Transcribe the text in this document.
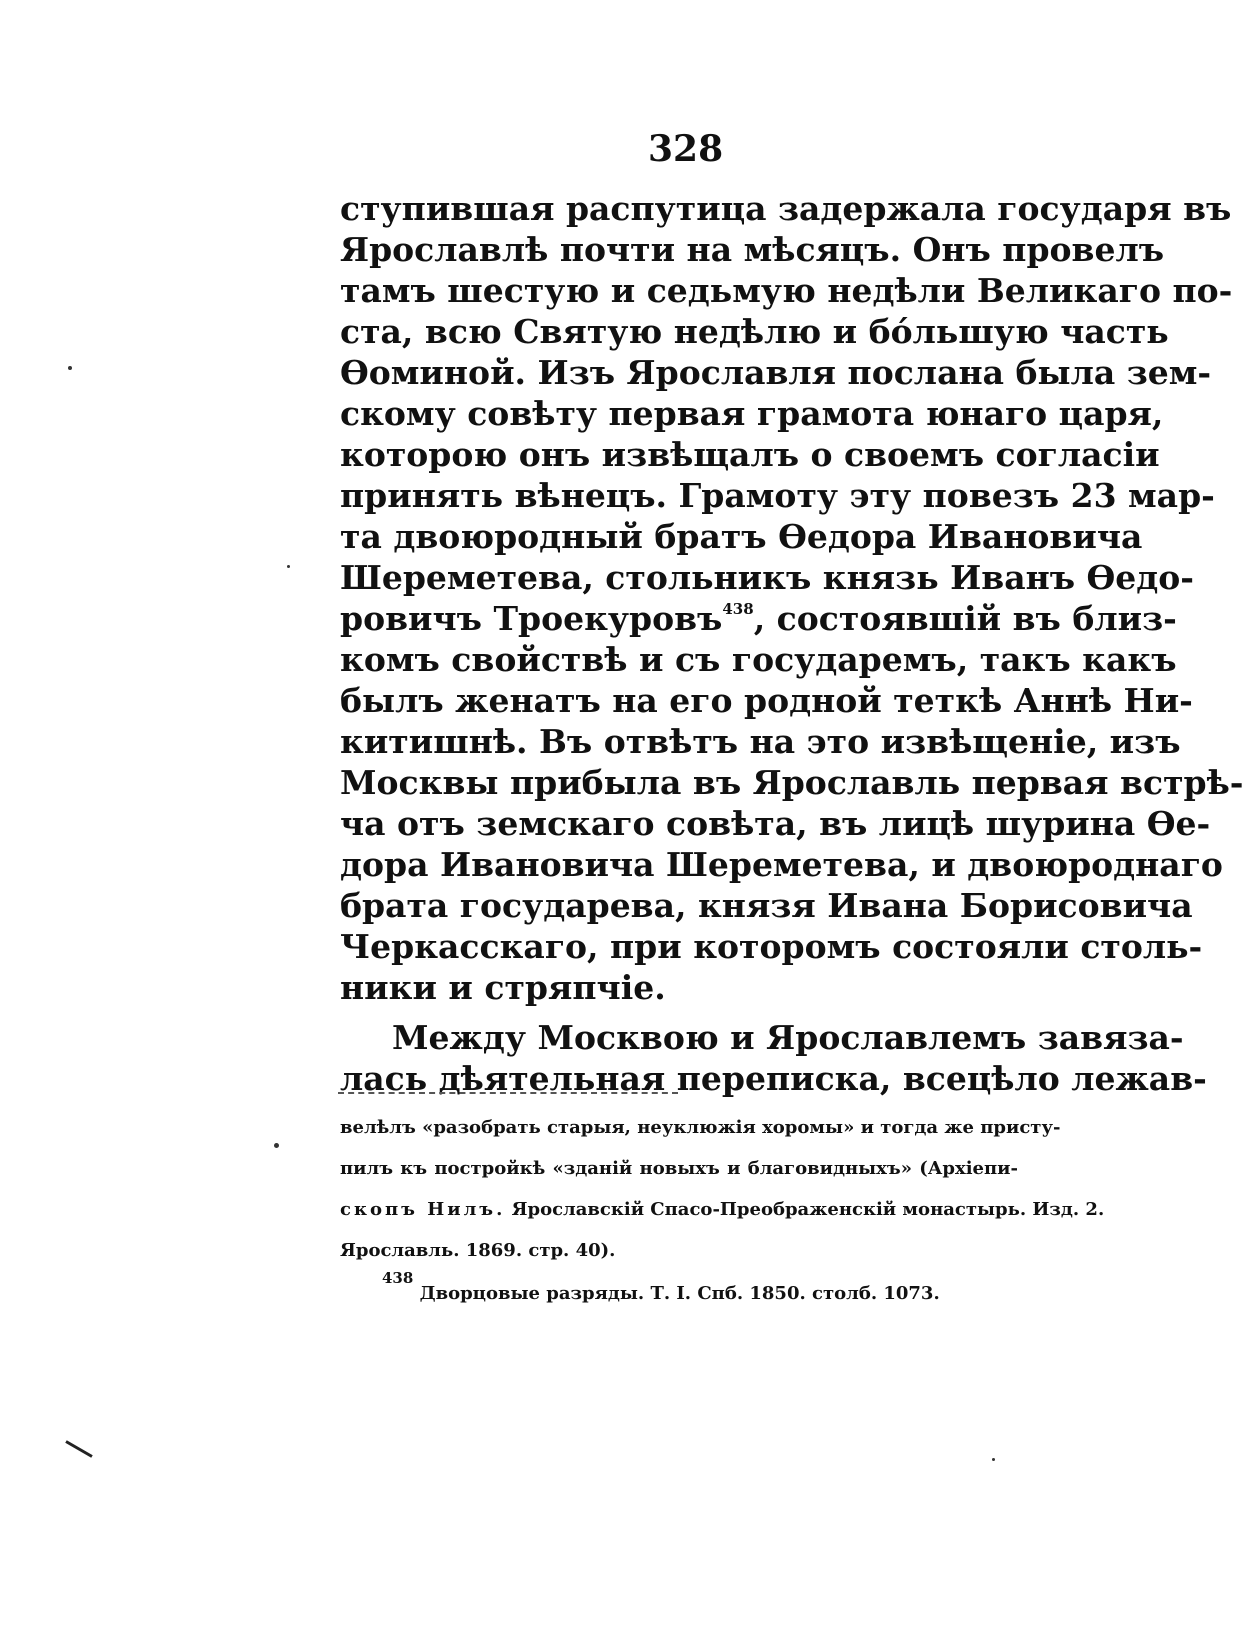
328
ступившая распутица задержала государя въ
Ярославлѣ почти на мѣсяцъ. Онъ провелъ
тамъ шестую и седьмую недѣли Великаго по-
ста, всю Святую недѣлю и бо́льшую часть
Ѳоминой. Изъ Ярославля послана была зем-
скому совѣту первая грамота юнаго царя,
которою онъ извѣщалъ о своемъ согласіи
принять вѣнецъ. Грамоту эту повезъ 23 мар-
та двоюродный братъ Ѳедора Ивановича
Шереметева, стольникъ князь Иванъ Ѳедо-
ровичъ Троекуровъ$^{438}$, состоявшій въ близ-
комъ свойствѣ и съ государемъ, такъ какъ
былъ женатъ на его родной теткѣ Аннѣ Ни-
китишнѣ. Въ отвѣтъ на это извѣщеніе, изъ
Москвы прибыла въ Ярославль первая встрѣ-
ча отъ земскаго совѣта, въ лицѣ шурина Ѳе-
дора Ивановича Шереметева, и двоюроднаго
брата государева, князя Ивана Борисовича
Черкасскаго, при которомъ состояли столь-
ники и стряпчіе.
Между Москвою и Ярославлемъ завяза-
лась дѣятельная переписка, всецѣло лежав-
велѣлъ «разобрать старыя, неуклюжія хоромы» и тогда же присту-
пилъ къ постройкѣ «зданій новыхъ и благовидныхъ» (Архіепи-
скопъ Нилъ. Ярославскій Спасо-Преображенскій монастырь. Изд. 2.
Ярославль. 1869. стр. 40).
$^{438}$ Дворцовые разряды. Т. I. Спб. 1850. столб. 1073.
